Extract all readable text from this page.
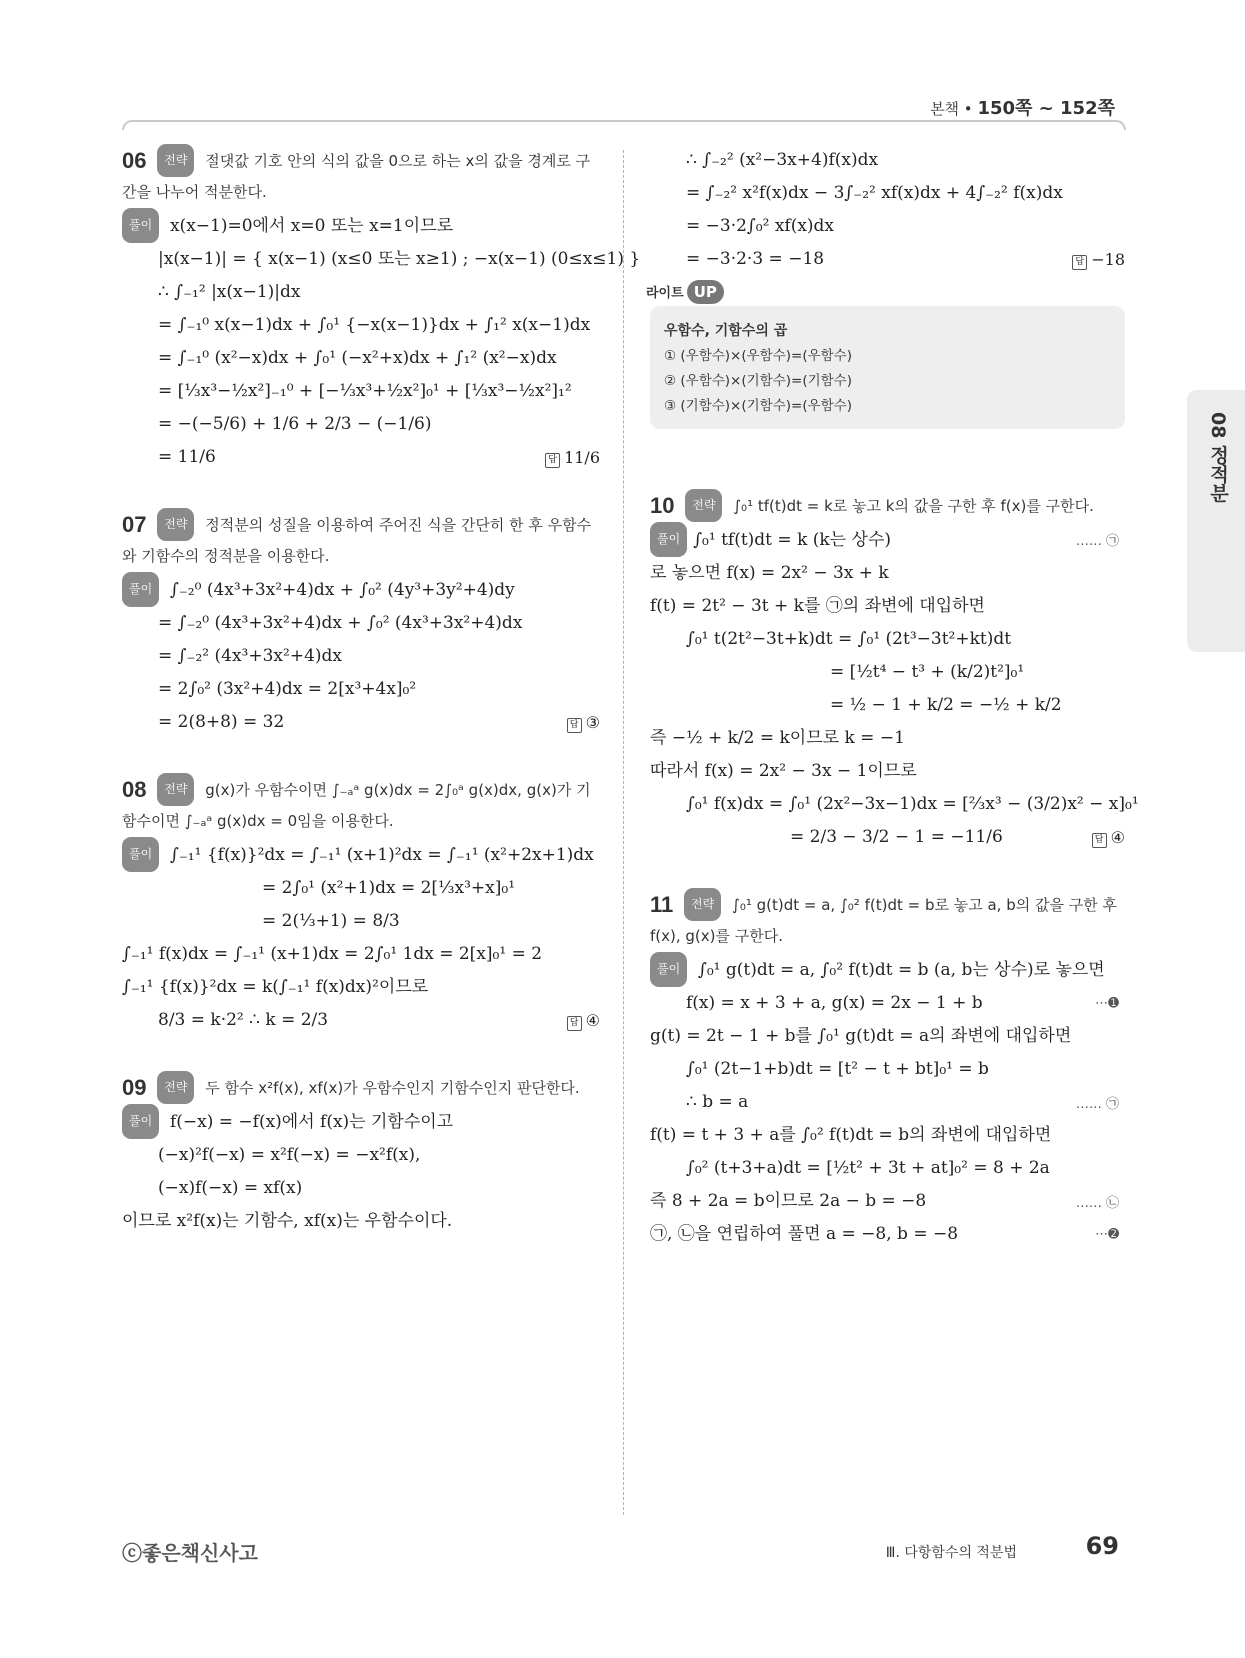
본책 • 150쪽 ~ 152쪽
08 정적분
06 전략 절댓값 기호 안의 식의 값을 0으로 하는 x의 값을 경계로 구간을 나누어 적분한다.
풀이 x(x−1)=0에서 x=0 또는 x=1이므로
|x(x−1)| = { x(x−1) (x≤0 또는 x≥1) ; −x(x−1) (0≤x≤1) }
∴ ∫₋₁² |x(x−1)|dx
= ∫₋₁⁰ x(x−1)dx + ∫₀¹ {−x(x−1)}dx + ∫₁² x(x−1)dx
= ∫₋₁⁰ (x²−x)dx + ∫₀¹ (−x²+x)dx + ∫₁² (x²−x)dx
= [⅓x³−½x²]₋₁⁰ + [−⅓x³+½x²]₀¹ + [⅓x³−½x²]₁²
= −(−5/6) + 1/6 + 2/3 − (−1/6)
= 11/6	답 11/6
07 전략 정적분의 성질을 이용하여 주어진 식을 간단히 한 후 우함수와 기함수의 정적분을 이용한다.
풀이 ∫₋₂⁰ (4x³+3x²+4)dx + ∫₀² (4y³+3y²+4)dy
= ∫₋₂⁰ (4x³+3x²+4)dx + ∫₀² (4x³+3x²+4)dx
= ∫₋₂² (4x³+3x²+4)dx
= 2∫₀² (3x²+4)dx = 2[x³+4x]₀²
= 2(8+8) = 32	답 ③
08 전략 g(x)가 우함수이면 ∫₋ₐᵃ g(x)dx = 2∫₀ᵃ g(x)dx, g(x)가 기함수이면 ∫₋ₐᵃ g(x)dx = 0임을 이용한다.
풀이 ∫₋₁¹ {f(x)}²dx = ∫₋₁¹ (x+1)²dx = ∫₋₁¹ (x²+2x+1)dx
= 2∫₀¹ (x²+1)dx = 2[⅓x³+x]₀¹
= 2(⅓+1) = 8/3
∫₋₁¹ f(x)dx = ∫₋₁¹ (x+1)dx = 2∫₀¹ 1dx = 2[x]₀¹ = 2
∫₋₁¹ {f(x)}²dx = k(∫₋₁¹ f(x)dx)²이므로
8/3 = k·2² ∴ k = 2/3	답 ④
09 전략 두 함수 x²f(x), xf(x)가 우함수인지 기함수인지 판단한다.
풀이 f(−x) = −f(x)에서 f(x)는 기함수이고
(−x)²f(−x) = x²f(−x) = −x²f(x),
(−x)f(−x) = xf(x)
이므로 x²f(x)는 기함수, xf(x)는 우함수이다.
∴ ∫₋₂² (x²−3x+4)f(x)dx
= ∫₋₂² x²f(x)dx − 3∫₋₂² xf(x)dx + 4∫₋₂² f(x)dx
= −3·2∫₀² xf(x)dx
= −3·2·3 = −18	답 −18
라이트 UP
우함수, 기함수의 곱
① (우함수)×(우함수)=(우함수)
② (우함수)×(기함수)=(기함수)
③ (기함수)×(기함수)=(우함수)
10 전략 ∫₀¹ tf(t)dt = k로 놓고 k의 값을 구한 후 f(x)를 구한다.
풀이 ∫₀¹ tf(t)dt = k (k는 상수)	…… ㉠
로 놓으면 f(x) = 2x² − 3x + k
f(t) = 2t² − 3t + k를 ㉠의 좌변에 대입하면
∫₀¹ t(2t²−3t+k)dt = ∫₀¹ (2t³−3t²+kt)dt
= [½t⁴ − t³ + (k/2)t²]₀¹
= ½ − 1 + k/2 = −½ + k/2
즉 −½ + k/2 = k이므로 k = −1
따라서 f(x) = 2x² − 3x − 1이므로
∫₀¹ f(x)dx = ∫₀¹ (2x²−3x−1)dx = [⅔x³ − (3/2)x² − x]₀¹
= 2/3 − 3/2 − 1 = −11/6	답 ④
11 전략 ∫₀¹ g(t)dt = a, ∫₀² f(t)dt = b로 놓고 a, b의 값을 구한 후 f(x), g(x)를 구한다.
풀이 ∫₀¹ g(t)dt = a, ∫₀² f(t)dt = b (a, b는 상수)로 놓으면
f(x) = x + 3 + a, g(x) = 2x − 1 + b	⋯➊
g(t) = 2t − 1 + b를 ∫₀¹ g(t)dt = a의 좌변에 대입하면
∫₀¹ (2t−1+b)dt = [t² − t + bt]₀¹ = b
∴ b = a	…… ㉠
f(t) = t + 3 + a를 ∫₀² f(t)dt = b의 좌변에 대입하면
∫₀² (t+3+a)dt = [½t² + 3t + at]₀² = 8 + 2a
즉 8 + 2a = b이므로 2a − b = −8	…… ㉡
㉠, ㉡을 연립하여 풀면 a = −8, b = −8	⋯➋
ⓒ좋은책신사고	Ⅲ. 다항함수의 적분법	69
